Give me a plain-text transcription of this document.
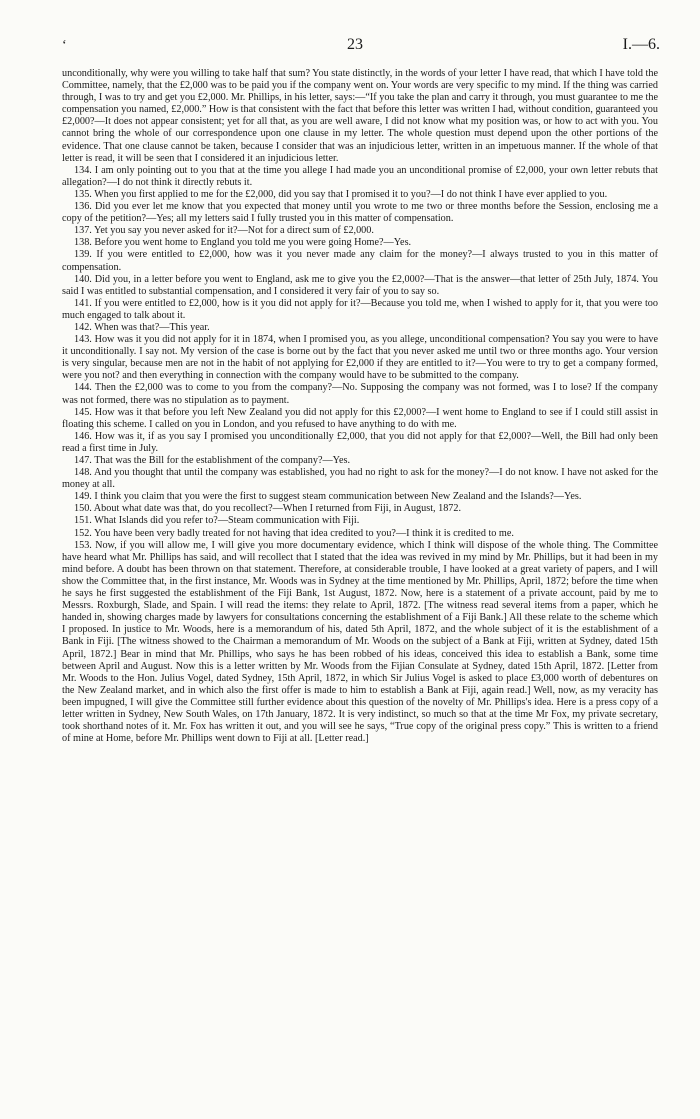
‘	23	I.—6.

unconditionally, why were you willing to take half that sum? You state distinctly, in the words of your letter I have read, that which I have told the Committee, namely, that the £2,000 was to be paid you if the company went on. Your words are very specific to my mind. If the thing was carried through, I was to try and get you £2,000. Mr. Phillips, in his letter, says:—“If you take the plan and carry it through, you must guarantee to me the compensation you named, £2,000.” How is that consistent with the fact that before this letter was written I had, without condition, guaranteed you £2,000?—It does not appear consistent; yet for all that, as you are well aware, I did not know what my position was, or how to act with you. You cannot bring the whole of our correspondence upon one clause in my letter. The whole question must depend upon the other portions of the evidence. That one clause cannot be taken, because I consider that was an injudicious letter, written in an impetuous manner. If the whole of that letter is read, it will be seen that I considered it an injudicious letter.

134. I am only pointing out to you that at the time you allege I had made you an unconditional promise of £2,000, your own letter rebuts that allegation?—I do not think it directly rebuts it.

135. When you first applied to me for the £2,000, did you say that I promised it to you?—I do not think I have ever applied to you.

136. Did you ever let me know that you expected that money until you wrote to me two or three months before the Session, enclosing me a copy of the petition?—Yes; all my letters said I fully trusted you in this matter of compensation.

137. Yet you say you never asked for it?—Not for a direct sum of £2,000.

138. Before you went home to England you told me you were going Home?—Yes.

139. If you were entitled to £2,000, how was it you never made any claim for the money?—I always trusted to you in this matter of compensation.

140. Did you, in a letter before you went to England, ask me to give you the £2,000?—That is the answer—that letter of 25th July, 1874. You said I was entitled to substantial compensation, and I considered it very fair of you to say so.

141. If you were entitled to £2,000, how is it you did not apply for it?—Because you told me, when I wished to apply for it, that you were too much engaged to talk about it.

142. When was that?—This year.

143. How was it you did not apply for it in 1874, when I promised you, as you allege, unconditional compensation? You say you were to have it unconditionally. I say not. My version of the case is borne out by the fact that you never asked me until two or three months ago. Your version is very singular, because men are not in the habit of not applying for £2,000 if they are entitled to it?—You were to try to get a company formed, were you not? and then everything in connection with the company would have to be submitted to the company.

144. Then the £2,000 was to come to you from the company?—No. Supposing the company was not formed, was I to lose? If the company was not formed, there was no stipulation as to payment.

145. How was it that before you left New Zealand you did not apply for this £2,000?—I went home to England to see if I could still assist in floating this scheme. I called on you in London, and you refused to have anything to do with me.

146. How was it, if as you say I promised you unconditionally £2,000, that you did not apply for that £2,000?—Well, the Bill had only been read a first time in July.

147. That was the Bill for the establishment of the company?—Yes.

148. And you thought that until the company was established, you had no right to ask for the money?—I do not know. I have not asked for the money at all.

149. I think you claim that you were the first to suggest steam communication between New Zealand and the Islands?—Yes.

150. About what date was that, do you recollect?—When I returned from Fiji, in August, 1872.

151. What Islands did you refer to?—Steam communication with Fiji.

152. You have been very badly treated for not having that idea credited to you?—I think it is credited to me.

153. Now, if you will allow me, I will give you more documentary evidence, which I think will dispose of the whole thing. The Committee have heard what Mr. Phillips has said, and will recollect that I stated that the idea was revived in my mind by Mr. Phillips, but it had been in my mind before. A doubt has been thrown on that statement. Therefore, at considerable trouble, I have looked at a great variety of papers, and I will show the Committee that, in the first instance, Mr. Woods was in Sydney at the time mentioned by Mr. Phillips, April, 1872; before the time when he says he first suggested the establishment of the Fiji Bank, 1st August, 1872. Now, here is a statement of a private account, paid by me to Messrs. Roxburgh, Slade, and Spain. I will read the items: they relate to April, 1872. [The witness read several items from a paper, which he handed in, showing charges made by lawyers for consultations concerning the establishment of a Fiji Bank.] All these relate to the scheme which I proposed. In justice to Mr. Woods, here is a memorandum of his, dated 5th April, 1872, and the whole subject of it is the establishment of a Bank in Fiji. [The witness showed to the Chairman a memorandum of Mr. Woods on the subject of a Bank at Fiji, written at Sydney, dated 15th April, 1872.] Bear in mind that Mr. Phillips, who says he has been robbed of his ideas, conceived this idea to establish a Bank, some time between April and August. Now this is a letter written by Mr. Woods from the Fijian Consulate at Sydney, dated 15th April, 1872. [Letter from Mr. Woods to the Hon. Julius Vogel, dated Sydney, 15th April, 1872, in which Sir Julius Vogel is asked to place £3,000 worth of debentures on the New Zealand market, and in which also the first offer is made to him to establish a Bank at Fiji, again read.] Well, now, as my veracity has been impugned, I will give the Committee still further evidence about this question of the novelty of Mr. Phillips's idea. Here is a press copy of a letter written in Sydney, New South Wales, on 17th January, 1872. It is very indistinct, so much so that at the time Mr Fox, my private secretary, took shorthand notes of it. Mr. Fox has written it out, and you will see he says, “True copy of the original press copy.” This is written to a friend of mine at Home, before Mr. Phillips went down to Fiji at all. [Letter read.]
